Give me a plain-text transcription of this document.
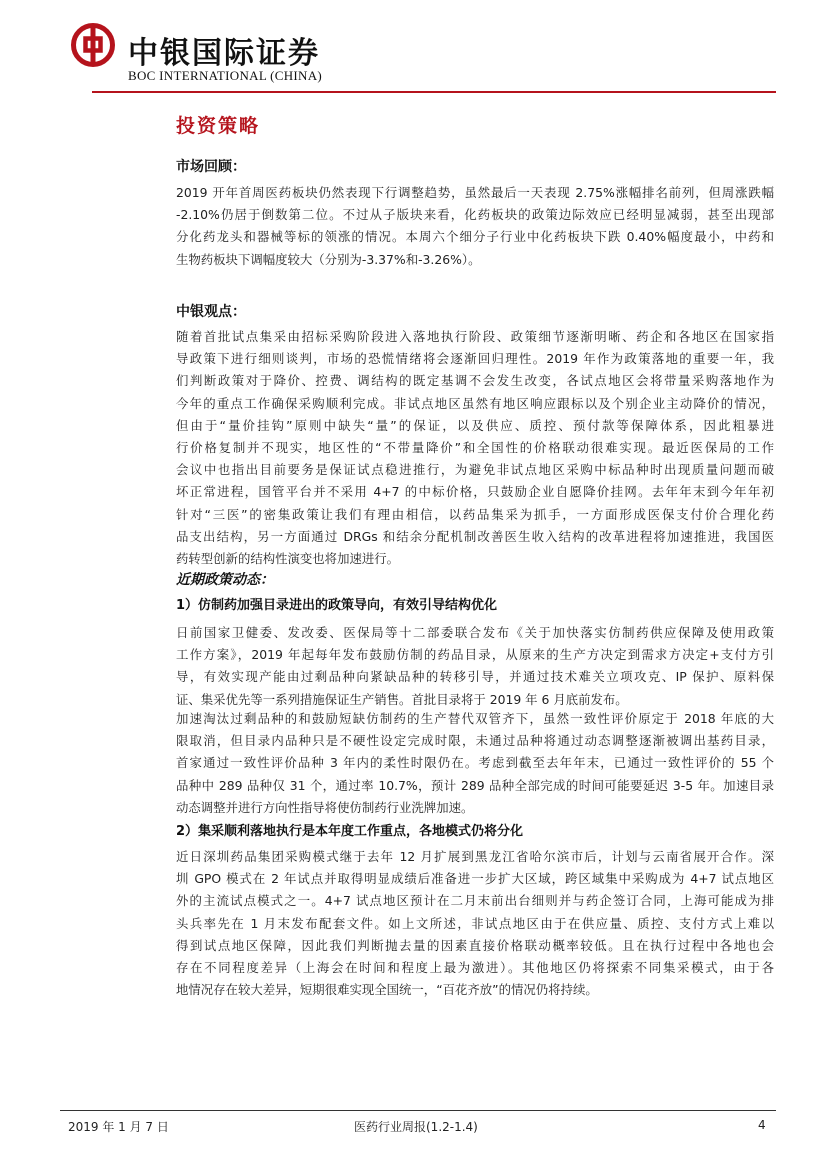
中银国际证券
BOC INTERNATIONAL (CHINA)
投资策略
市场回顾：
2019 开年首周医药板块仍然表现下行调整趋势，虽然最后一天表现 2.75%涨幅排名前列，但周涨跌幅
-2.10%仍居于倒数第二位。不过从子版块来看，化药板块的政策边际效应已经明显减弱，甚至出现部
分化药龙头和器械等标的领涨的情况。本周六个细分子行业中化药板块下跌 0.40%幅度最小，中药和
生物药板块下调幅度较大（分别为-3.37%和-3.26%）。
中银观点：
随着首批试点集采由招标采购阶段进入落地执行阶段、政策细节逐渐明晰、药企和各地区在国家指
导政策下进行细则谈判，市场的恐慌情绪将会逐渐回归理性。2019 年作为政策落地的重要一年，我
们判断政策对于降价、控费、调结构的既定基调不会发生改变，各试点地区会将带量采购落地作为
今年的重点工作确保采购顺利完成。非试点地区虽然有地区响应跟标以及个别企业主动降价的情况，
但由于“量价挂钩”原则中缺失“量”的保证，以及供应、质控、预付款等保障体系，因此粗暴进
行价格复制并不现实，地区性的“不带量降价”和全国性的价格联动很难实现。最近医保局的工作
会议中也指出目前要务是保证试点稳进推行，为避免非试点地区采购中标品种时出现质量问题而破
坏正常进程，国管平台并不采用 4+7 的中标价格，只鼓励企业自愿降价挂网。去年年末到今年年初
针对“三医”的密集政策让我们有理由相信，以药品集采为抓手，一方面形成医保支付价合理化药
品支出结构，另一方面通过 DRGs 和结余分配机制改善医生收入结构的改革进程将加速推进，我国医
药转型创新的结构性演变也将加速进行。
近期政策动态：
1）仿制药加强目录进出的政策导向，有效引导结构优化
日前国家卫健委、发改委、医保局等十二部委联合发布《关于加快落实仿制药供应保障及使用政策
工作方案》，2019 年起每年发布鼓励仿制的药品目录，从原来的生产方决定到需求方决定+支付方引
导，有效实现产能由过剩品种向紧缺品种的转移引导，并通过技术难关立项攻克、IP 保护、原料保
证、集采优先等一系列措施保证生产销售。首批目录将于 2019 年 6 月底前发布。
加速淘汰过剩品种的和鼓励短缺仿制药的生产替代双管齐下，虽然一致性评价原定于 2018 年底的大
限取消，但目录内品种只是不硬性设定完成时限，未通过品种将通过动态调整逐渐被调出基药目录，
首家通过一致性评价品种 3 年内的柔性时限仍在。考虑到截至去年年末，已通过一致性评价的 55 个
品种中 289 品种仅 31 个，通过率 10.7%，预计 289 品种全部完成的时间可能要延迟 3-5 年。加速目录
动态调整并进行方向性指导将使仿制药行业洗牌加速。
2）集采顺利落地执行是本年度工作重点，各地模式仍将分化
近日深圳药品集团采购模式继于去年 12 月扩展到黑龙江省哈尔滨市后，计划与云南省展开合作。深
圳 GPO 模式在 2 年试点并取得明显成绩后准备进一步扩大区域，跨区域集中采购成为 4+7 试点地区
外的主流试点模式之一。4+7 试点地区预计在二月末前出台细则并与药企签订合同，上海可能成为排
头兵率先在 1 月末发布配套文件。如上文所述，非试点地区由于在供应量、质控、支付方式上难以
得到试点地区保障，因此我们判断抛去量的因素直接价格联动概率较低。且在执行过程中各地也会
存在不同程度差异（上海会在时间和程度上最为激进）。其他地区仍将探索不同集采模式，由于各
地情况存在较大差异，短期很难实现全国统一，“百花齐放”的情况仍将持续。
2019 年 1 月 7 日	医药行业周报(1.2-1.4)	4
